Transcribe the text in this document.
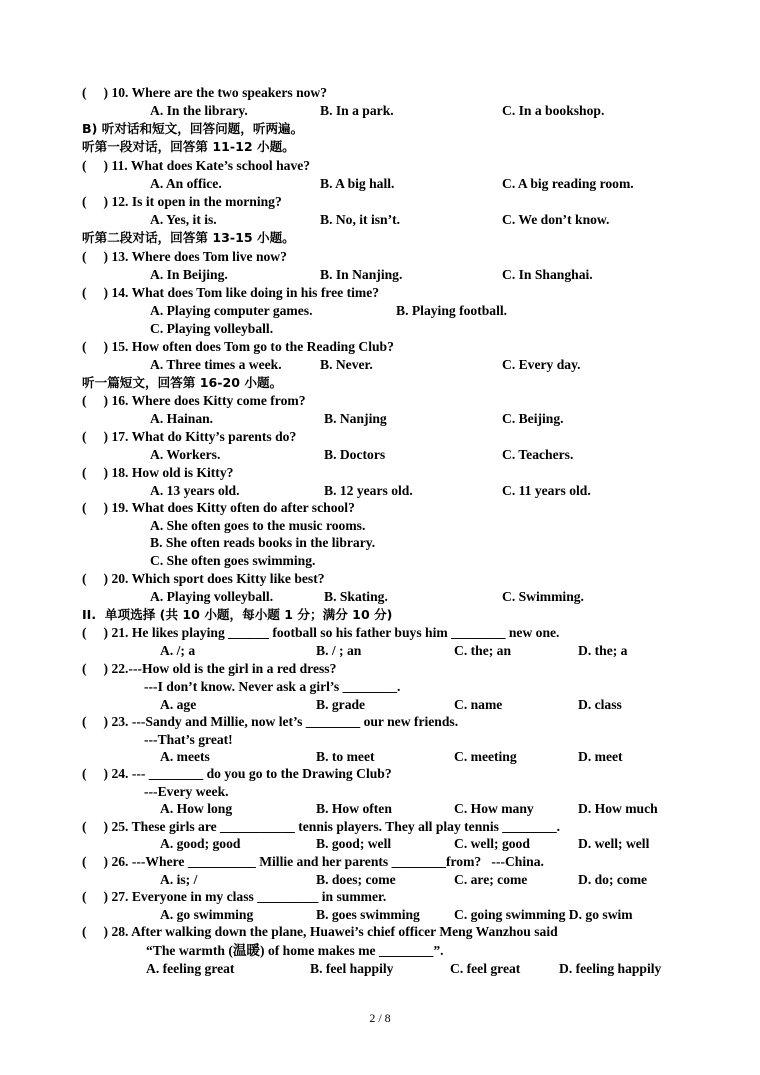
(     ) 10. Where are the two speakers now?
A. In the library.	B. In a park.	C. In a bookshop.
B) 听对话和短文，回答问题，听两遍。
听第一段对话，回答第 11-12 小题。
(     ) 11. What does Kate’s school have?
A. An office.	B. A big hall.	C. A big reading room.
(     ) 12. Is it open in the morning?
A. Yes, it is.	B. No, it isn’t.	C. We don’t know.
听第二段对话，回答第 13-15 小题。
(     ) 13. Where does Tom live now?
A. In Beijing.	B. In Nanjing.	C. In Shanghai.
(     ) 14. What does Tom like doing in his free time?
A. Playing computer games.	B. Playing football.
C. Playing volleyball.
(     ) 15. How often does Tom go to the Reading Club?
A. Three times a week.	B. Never.	C. Every day.
听一篇短文，回答第 16-20 小题。
(     ) 16. Where does Kitty come from?
A. Hainan.	B. Nanjing	C. Beijing.
(     ) 17. What do Kitty’s parents do?
A. Workers.	B. Doctors	C. Teachers.
(     ) 18. How old is Kitty?
A. 13 years old.	B. 12 years old.	C. 11 years old.
(     ) 19. What does Kitty often do after school?
A. She often goes to the music rooms.
B. She often reads books in the library.
C. She often goes swimming.
(     ) 20. Which sport does Kitty like best?
A. Playing volleyball.	B. Skating.	C. Swimming.
II.  单项选择 (共 10 小题，每小题 1 分；满分 10 分)
(     ) 21. He likes playing ______ football so his father buys him ________ new one.
A. /; a	B. / ; an	C. the; an	D. the; a
(     ) 22.---How old is the girl in a red dress?
---I don’t know. Never ask a girl’s ________.
A. age	B. grade	C. name	D. class
(     ) 23. ---Sandy and Millie, now let’s ________ our new friends.
---That’s great!
A. meets	B. to meet	C. meeting	D. meet
(     ) 24. --- ________ do you go to the Drawing Club?
---Every week.
A. How long	B. How often	C. How many	D. How much
(     ) 25. These girls are ___________ tennis players. They all play tennis ________.
A. good; good	B. good; well	C. well; good	D. well; well
(     ) 26. ---Where __________ Millie and her parents ________from?   ---China.
A. is; /	B. does; come	C. are; come	D. do; come
(     ) 27. Everyone in my class _________ in summer.
A. go swimming	B. goes swimming	C. going swimming D. go swim
(     ) 28. After walking down the plane, Huawei’s chief officer Meng Wanzhou said
“The warmth (温暖) of home makes me ________”.
A. feeling great	B. feel happily	C. feel great	D. feeling happily
2 / 8
